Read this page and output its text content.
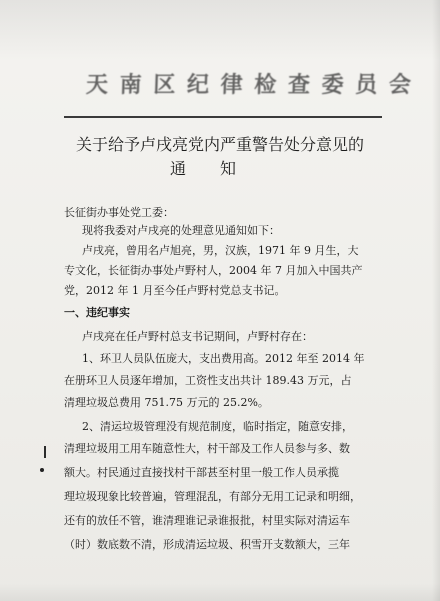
天 南 区 纪 律 检 查 委 员 会
关于给予卢戌亮党内严重警告处分意见的
通知
长征街办事处党工委：
现将我委对卢戌亮的处理意见通知如下：
卢戌亮，曾用名卢旭亮，男，汉族，1971 年 9 月生，大
专文化，长征街办事处卢野村人，2004 年 7 月加入中国共产
党，2012 年 1 月至今任卢野村党总支书记。
一、违纪事实
卢戌亮在任卢野村总支书记期间，卢野村存在：
1、环卫人员队伍庞大，支出费用高。2012 年至 2014 年
在册环卫人员逐年增加，工资性支出共计 189.43 万元，占
清理垃圾总费用 751.75 万元的 25.2%。
2、清运垃圾管理没有规范制度，临时指定，随意安排，
清理垃圾用工用车随意性大，村干部及工作人员参与多、数
额大。村民通过直接找村干部甚至村里一般工作人员承揽
理垃圾现象比较普遍，管理混乱，有部分无用工记录和明细，
还有的放任不管，谁清理谁记录谁报批，村里实际对清运车
（时）数底数不清，形成清运垃圾、积雪开支数额大，三年
